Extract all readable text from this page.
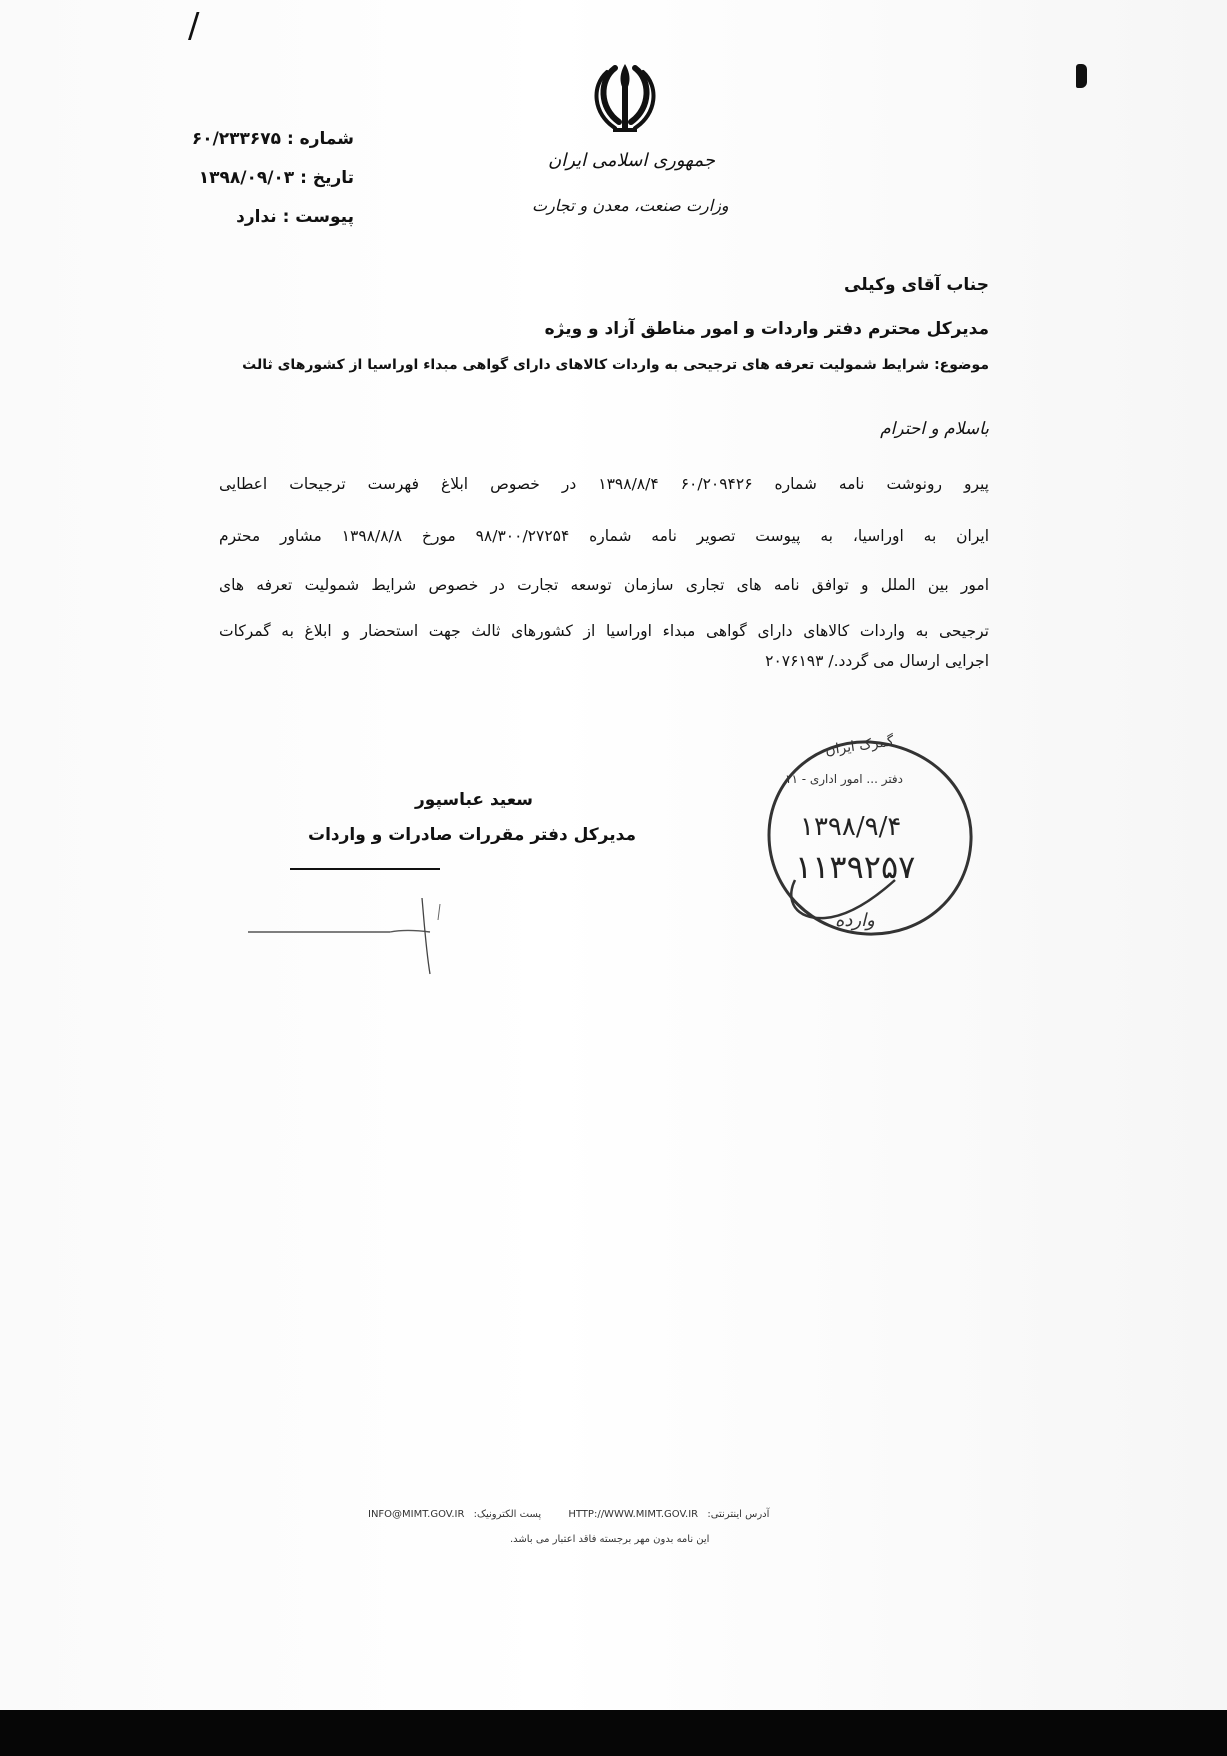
/
شماره : ۶۰/۲۳۳۶۷۵
تاریخ : ۱۳۹۸/۰۹/۰۳
پیوست : ندارد
جمهوری اسلامی ایران
وزارت صنعت، معدن و تجارت
جناب آقای وکیلی
مدیرکل محترم دفتر واردات و امور مناطق آزاد و ویژه
موضوع: شرایط شمولیت تعرفه های ترجیحی به واردات کالاهای دارای گواهی مبداء اوراسیا از کشورهای ثالث
باسلام و احترام
پیرو رونوشت نامه شماره ۶۰/۲۰۹۴۲۶ ۱۳۹۸/۸/۴ در خصوص ابلاغ فهرست ترجیحات اعطایی
ایران به اوراسیا، به پیوست تصویر نامه شماره ۹۸/۳۰۰/۲۷۲۵۴ مورخ ۱۳۹۸/۸/۸ مشاور محترم
امور بین الملل و توافق نامه های تجاری سازمان توسعه تجارت در خصوص شرایط شمولیت تعرفه های
ترجیحی به واردات کالاهای دارای گواهی مبداء اوراسیا از کشورهای ثالث جهت استحضار و ابلاغ به گمرکات
اجرایی ارسال می گردد./ ۲۰۷۶۱۹۳
سعید عباسپور
مدیرکل دفتر مقررات صادرات و واردات
گمرک ایران
دفتر ... امور اداری - ۱۱
۱۳۹۸/۹/۴
۱۱۳۹۲۵۷
وارده
INFO@MIMT.GOV.IR پست الکترونیک:	HTTP://WWW.MIMT.GOV.IR آدرس اینترنتی:
این نامه بدون مهر برجسته فاقد اعتبار می باشد.
